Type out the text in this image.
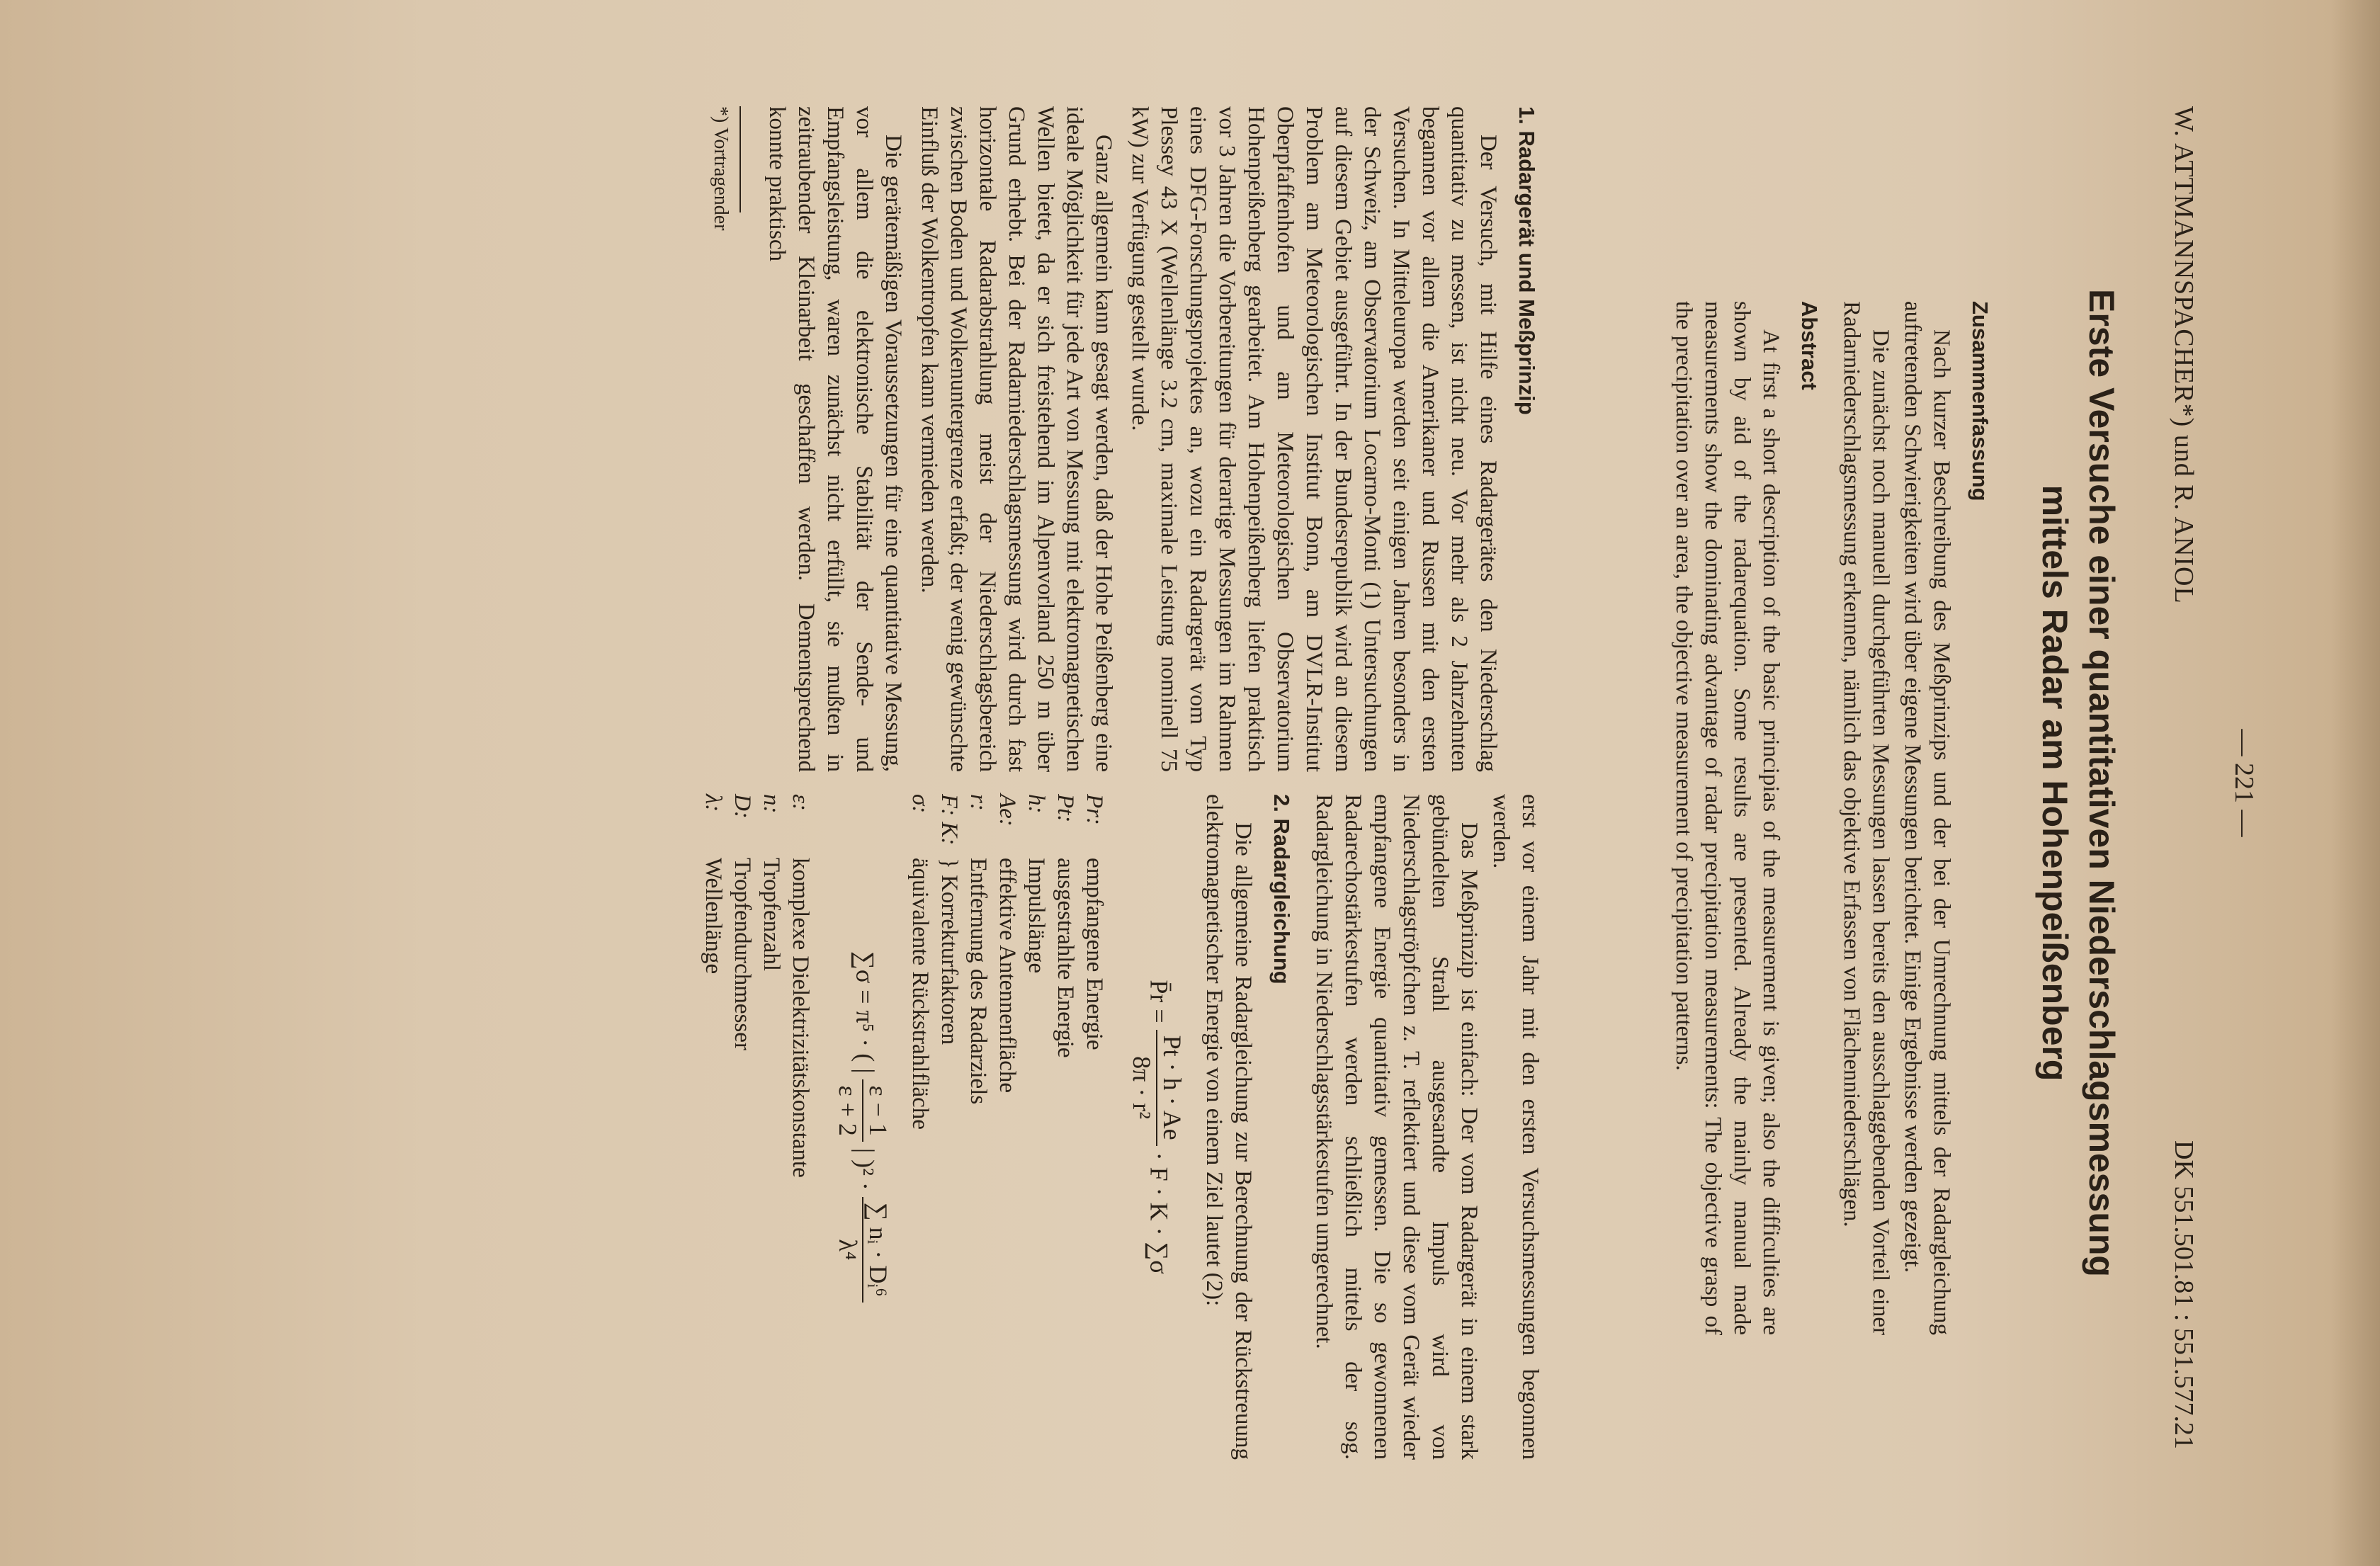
— 221 —
W. ATTMANNSPACHER*) und R. ANIOL
DK 551.501.81 : 551.577.21
Erste Versuche einer quantitativen Niederschlagsmessung
mittels Radar am Hohenpeißenberg
Zusammenfassung

Nach kurzer Beschreibung des Meßprinzips und der bei der Umrechnung mittels der Radargleichung auftretenden Schwierigkeiten wird über eigene Messungen berichtet. Einige Ergebnisse werden gezeigt.

Die zunächst noch manuell durchgeführten Messungen lassen bereits den ausschlaggebenden Vorteil einer Radarniederschlagsmessung erkennen, nämlich das objektive Erfassen von Flächenniederschlägen.

Abstract

At first a short description of the basic principias of the measurement is given; also the difficulties are shown by aid of the radarequation. Some results are presented. Already the mainly manual made measurements show the dominating advantage of radar precipitation measurements: The objective grasp of the precipitation over an area, the objective measurement of precipitation patterns.

1. Radargerät und Meßprinzip

Der Versuch, mit Hilfe eines Radargerätes den Niederschlag quantitativ zu messen, ist nicht neu. Vor mehr als 2 Jahrzehnten begannen vor allem die Amerikaner und Russen mit den ersten Versuchen. In Mitteleuropa werden seit einigen Jahren besonders in der Schweiz, am Observatorium Locarno-Monti (1) Untersuchungen auf diesem Gebiet ausgeführt. In der Bundesrepublik wird an diesem Problem am Meteorologischen Institut Bonn, am DVLR-Institut Oberpfaffenhofen und am Meteorologischen Observatorium Hohenpeißenberg gearbeitet. Am Hohenpeißenberg liefen praktisch vor 3 Jahren die Vorbereitungen für derartige Messungen im Rahmen eines DFG-Forschungsprojektes an, wozu ein Radargerät vom Typ Plessey 43 X (Wellenlänge 3.2 cm, maximale Leistung nominell 75 kW) zur Verfügung gestellt wurde.

Ganz allgemein kann gesagt werden, daß der Hohe Peißenberg eine ideale Möglichkeit für jede Art von Messung mit elektromagnetischen Wellen bietet, da er sich freistehend im Alpenvorland 250 m über Grund erhebt. Bei der Radarniederschlagsmessung wird durch fast horizontale Radarabstrahlung meist der Niederschlagsbereich zwischen Boden und Wolkenuntergrenze erfaßt; der wenig gewünschte Einfluß der Wolkentropfen kann vermieden werden.

Die gerätemäßigen Voraussetzungen für eine quantitative Messung, vor allem die elektronische Stabilität der Sende- und Empfangsleistung, waren zunächst nicht erfüllt, sie mußten in zeitraubender Kleinarbeit geschaffen werden. Dementsprechend konnte praktisch

*) Vortragender

erst vor einem Jahr mit den ersten Versuchsmessungen begonnen werden.

Das Meßprinzip ist einfach: Der vom Radargerät in einem stark gebündelten Strahl ausgesandte Impuls wird von Niederschlagströpfchen z. T. reflektiert und diese vom Gerät wieder empfangene Energie quantitativ gemessen. Die so gewonnenen Radarechostärkestufen werden schließlich mittels der sog. Radargleichung in Niederschlagsstärkestufen umgerechnet.

2. Radargleichung

Die allgemeine Radargleichung zur Berechnung der Rückstreuung elektromagnetischer Energie von einem Ziel lautet (2):

P̄r =
Pt · h · Ae
8π · r²
· F · K · ∑σ
Pr:
empfangene Energie
Pt:
ausgestrahlte Energie
h:
Impulslänge
Ae:
effektive Antennenfläche
r:
Entfernung des Radarziels
F: K:
} Korrekturfaktoren
σ:
äquivalente Rückstrahlfläche
∑σ = π⁵ · ( |
ε − 1
ε + 2
| )² ·
∑ nᵢ · Dᵢ⁶
λ⁴
ε:
komplexe Dielektrizitätskonstante
n:
Tropfenzahl
D:
Tropfendurchmesser
λ:
Wellenlänge
